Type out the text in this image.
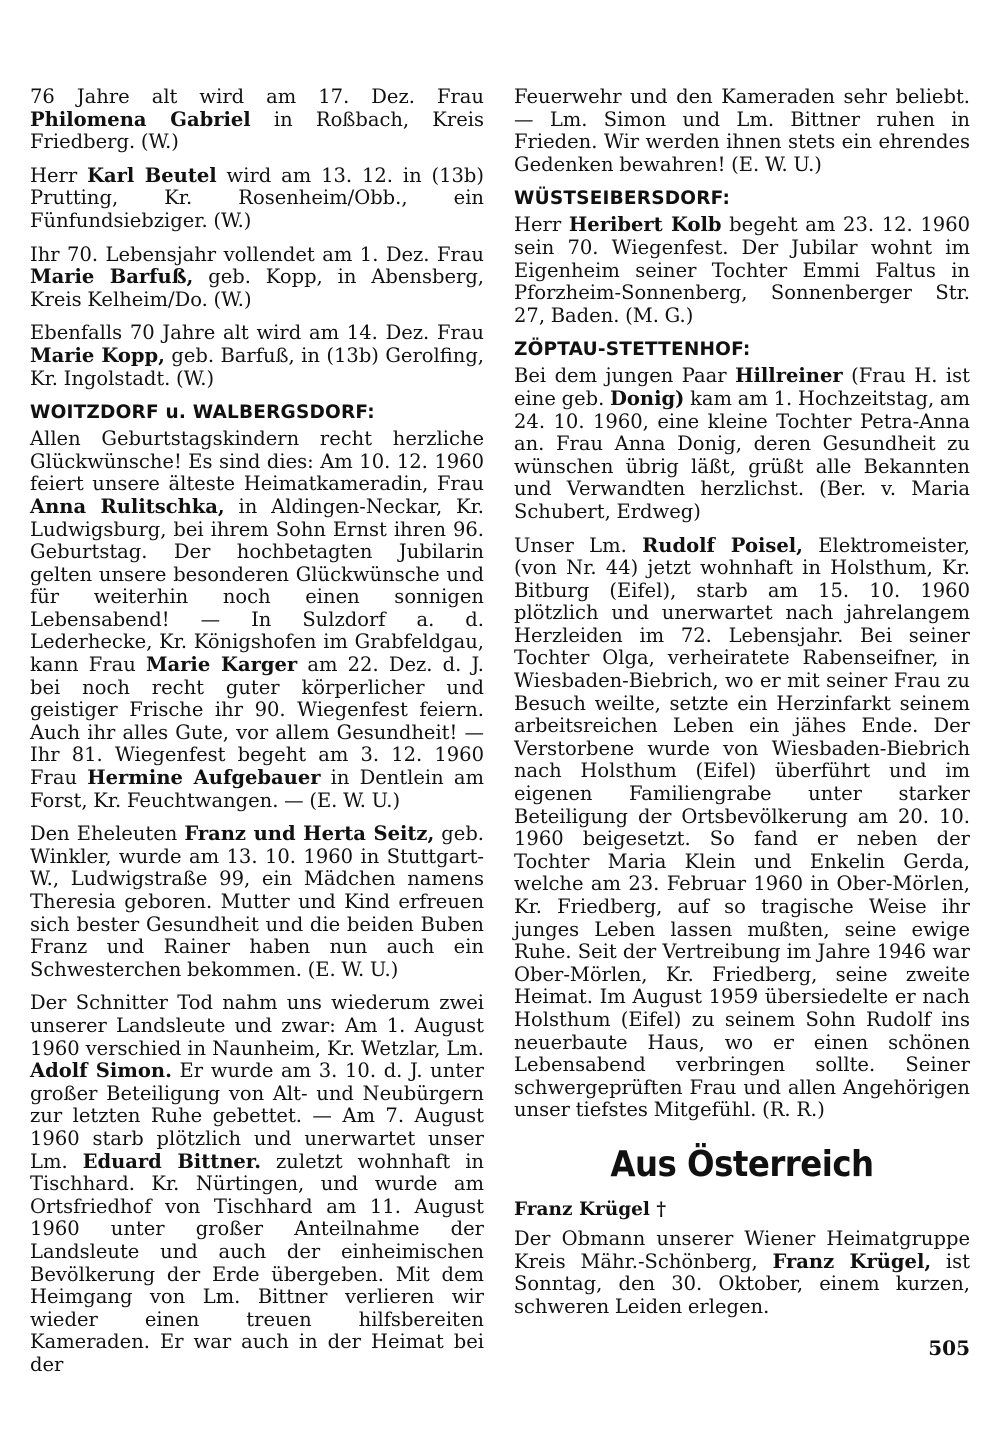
76 Jahre alt wird am 17. Dez. Frau Philomena Gabriel in Roßbach, Kreis Friedberg. (W.)

Herr Karl Beutel wird am 13. 12. in (13b) Prutting, Kr. Rosenheim/Obb., ein Fünfundsiebziger. (W.)

Ihr 70. Lebensjahr vollendet am 1. Dez. Frau Marie Barfuß, geb. Kopp, in Abensberg, Kreis Kelheim/Do. (W.)

Ebenfalls 70 Jahre alt wird am 14. Dez. Frau Marie Kopp, geb. Barfuß, in (13b) Gerolfing, Kr. Ingolstadt. (W.)

WOITZDORF u. WALBERGSDORF:

Allen Geburtstagskindern recht herzliche Glückwünsche! Es sind dies: Am 10. 12. 1960 feiert unsere älteste Heimatkameradin, Frau Anna Rulitschka, in Aldingen-Neckar, Kr. Ludwigsburg, bei ihrem Sohn Ernst ihren 96. Geburtstag. Der hochbetagten Jubilarin gelten unsere besonderen Glückwünsche und für weiterhin noch einen sonnigen Lebensabend! — In Sulzdorf a. d. Lederhecke, Kr. Königshofen im Grabfeldgau, kann Frau Marie Karger am 22. Dez. d. J. bei noch recht guter körperlicher und geistiger Frische ihr 90. Wiegenfest feiern. Auch ihr alles Gute, vor allem Gesundheit! — Ihr 81. Wiegenfest begeht am 3. 12. 1960 Frau Hermine Aufgebauer in Dentlein am Forst, Kr. Feuchtwangen. — (E. W. U.)

Den Eheleuten Franz und Herta Seitz, geb. Winkler, wurde am 13. 10. 1960 in Stuttgart-W., Ludwigstraße 99, ein Mädchen namens Theresia geboren. Mutter und Kind erfreuen sich bester Gesundheit und die beiden Buben Franz und Rainer haben nun auch ein Schwesterchen bekommen. (E. W. U.)

Der Schnitter Tod nahm uns wiederum zwei unserer Landsleute und zwar: Am 1. August 1960 verschied in Naunheim, Kr. Wetzlar, Lm. Adolf Simon. Er wurde am 3. 10. d. J. unter großer Beteiligung von Alt- und Neubürgern zur letzten Ruhe gebettet. — Am 7. August 1960 starb plötzlich und unerwartet unser Lm. Eduard Bittner. zuletzt wohnhaft in Tischhard. Kr. Nürtingen, und wurde am Ortsfriedhof von Tischhard am 11. August 1960 unter großer Anteilnahme der Landsleute und auch der einheimischen Bevölkerung der Erde übergeben. Mit dem Heimgang von Lm. Bittner verlieren wir wieder einen treuen hilfsbereiten Kameraden. Er war auch in der Heimat bei der

Feuerwehr und den Kameraden sehr beliebt. — Lm. Simon und Lm. Bittner ruhen in Frieden. Wir werden ihnen stets ein ehrendes Gedenken bewahren! (E. W. U.)

WÜSTSEIBERSDORF:

Herr Heribert Kolb begeht am 23. 12. 1960 sein 70. Wiegenfest. Der Jubilar wohnt im Eigenheim seiner Tochter Emmi Faltus in Pforzheim-Sonnenberg, Sonnenberger Str. 27, Baden. (M. G.)

ZÖPTAU-STETTENHOF:

Bei dem jungen Paar Hillreiner (Frau H. ist eine geb. Donig) kam am 1. Hochzeitstag, am 24. 10. 1960, eine kleine Tochter Petra-Anna an. Frau Anna Donig, deren Gesundheit zu wünschen übrig läßt, grüßt alle Bekannten und Verwandten herzlichst. (Ber. v. Maria Schubert, Erdweg)

Unser Lm. Rudolf Poisel, Elektromeister, (von Nr. 44) jetzt wohnhaft in Holsthum, Kr. Bitburg (Eifel), starb am 15. 10. 1960 plötzlich und unerwartet nach jahrelangem Herzleiden im 72. Lebensjahr. Bei seiner Tochter Olga, verheiratete Rabenseifner, in Wiesbaden-Biebrich, wo er mit seiner Frau zu Besuch weilte, setzte ein Herzinfarkt seinem arbeitsreichen Leben ein jähes Ende. Der Verstorbene wurde von Wiesbaden-Biebrich nach Holsthum (Eifel) überführt und im eigenen Familiengrabe unter starker Beteiligung der Ortsbevölkerung am 20. 10. 1960 beigesetzt. So fand er neben der Tochter Maria Klein und Enkelin Gerda, welche am 23. Februar 1960 in Ober-Mörlen, Kr. Friedberg, auf so tragische Weise ihr junges Leben lassen mußten, seine ewige Ruhe. Seit der Vertreibung im Jahre 1946 war Ober-Mörlen, Kr. Friedberg, seine zweite Heimat. Im August 1959 übersiedelte er nach Holsthum (Eifel) zu seinem Sohn Rudolf ins neuerbaute Haus, wo er einen schönen Lebensabend verbringen sollte. Seiner schwergeprüften Frau und allen Angehörigen unser tiefstes Mitgefühl. (R. R.)

Aus Österreich
Franz Krügel †

Der Obmann unserer Wiener Heimatgruppe Kreis Mähr.-Schönberg, Franz Krügel, ist Sonntag, den 30. Oktober, einem kurzen, schweren Leiden erlegen.

505
